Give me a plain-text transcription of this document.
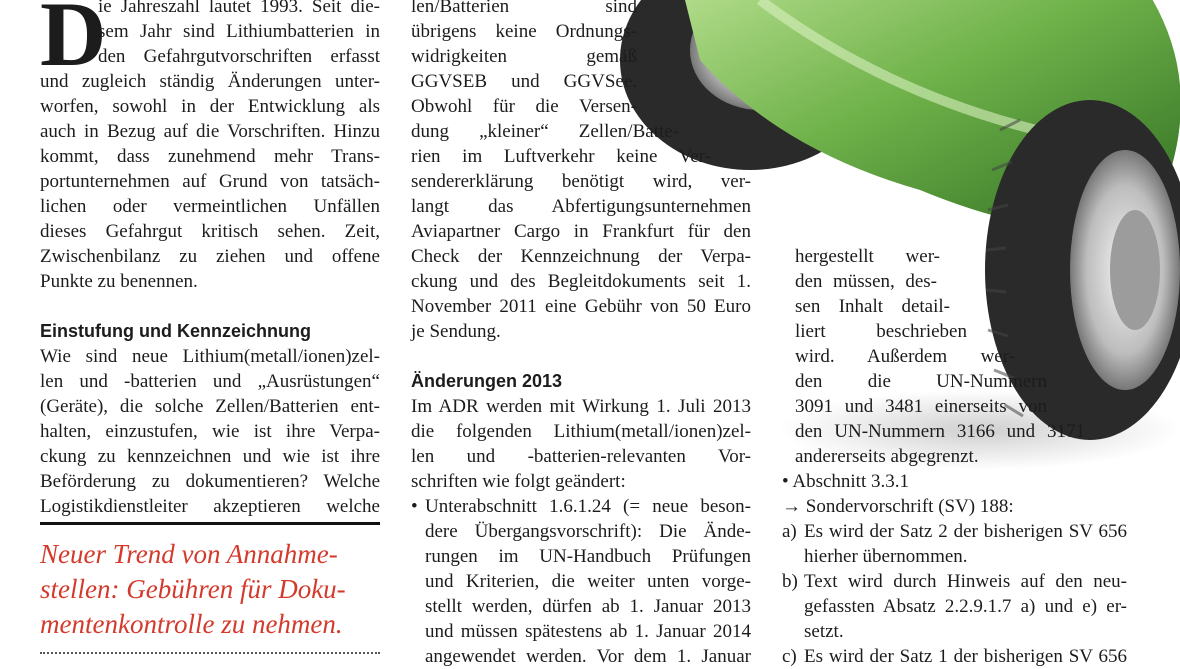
D
ie Jahreszahl lautet 1993. Seit die-
sem Jahr sind Lithiumbatterien in
den Gefahrgutvorschriften erfasst
und zugleich ständig Änderungen unter-
worfen, sowohl in der Entwicklung als
auch in Bezug auf die Vorschriften. Hinzu
kommt, dass zunehmend mehr Trans-
portunternehmen auf Grund von tatsäch-
lichen oder vermeintlichen Unfällen
dieses Gefahrgut kritisch sehen. Zeit,
Zwischenbilanz zu ziehen und offene
Punkte zu benennen.
Einstufung und Kennzeichnung
Wie sind neue Lithium(metall/ionen)zel-
len und -batterien und „Ausrüstungen“
(Geräte), die solche Zellen/Batterien ent-
halten, einzustufen, wie ist ihre Verpa-
ckung zu kennzeichnen und wie ist ihre
Beförderung zu dokumentieren? Welche
Logistikdienstleiter akzeptieren welche
Neuer Trend von Annahme-
stellen: Gebühren für Doku-
mentenkontrolle zu nehmen.
len/Batterien sind
übrigens keine Ordnungs-
widrigkeiten gemäß
GGVSEB und GGVSee.
Obwohl für die Versen-
dung „kleiner“ Zellen/Batte-
rien im Luftverkehr keine Ver-
sendererklärung benötigt wird, ver-
langt das Abfertigungsunternehmen
Aviapartner Cargo in Frankfurt für den
Check der Kennzeichnung der Verpa-
ckung und des Begleitdokuments seit 1.
November 2011 eine Gebühr von 50 Euro
je Sendung.
Änderungen 2013
Im ADR werden mit Wirkung 1. Juli 2013
die folgenden Lithium(metall/ionen)zel-
len und -batterien-relevanten Vor-
schriften wie folgt geändert:
• Unterabschnitt 1.6.1.24 (= neue beson-
dere Übergangsvorschrift): Die Ände-
rungen im UN-Handbuch Prüfungen
und Kriterien, die weiter unten vorge-
stellt werden, dürfen ab 1. Januar 2013
und müssen spätestens ab 1. Januar 2014
angewendet werden. Vor dem 1. Januar
hergestellt wer-
den müssen, des-
sen Inhalt detail-
liert beschrieben
wird. Außerdem wer-
den die UN-Nummern
3091 und 3481 einerseits von
den UN-Nummern 3166 und 3171
andererseits abgegrenzt.
• Abschnitt 3.3.1
→ Sondervorschrift (SV) 188:
a) Es wird der Satz 2 der bisherigen SV 656
hierher übernommen.
b) Text wird durch Hinweis auf den neu-
gefassten Absatz 2.2.9.1.7 a) und e) er-
setzt.
c) Es wird der Satz 1 der bisherigen SV 656
